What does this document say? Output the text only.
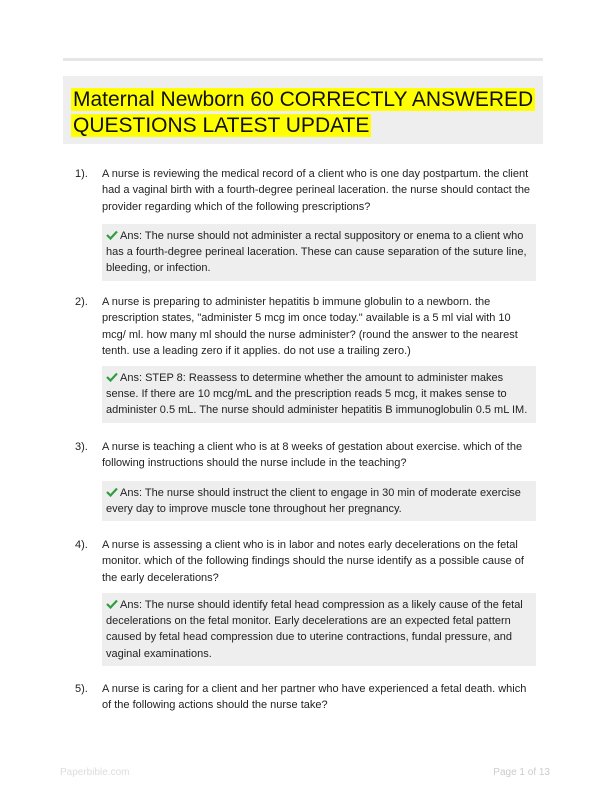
Maternal Newborn 60 CORRECTLY ANSWERED
QUESTIONS LATEST UPDATE
1). A nurse is reviewing the medical record of a client who is one day postpartum. the client had a vaginal birth with a fourth-degree perineal laceration. the nurse should contact the provider regarding which of the following prescriptions?
Ans: The nurse should not administer a rectal suppository or enema to a client who has a fourth-degree perineal laceration. These can cause separation of the suture line, bleeding, or infection.
2). A nurse is preparing to administer hepatitis b immune globulin to a newborn. the prescription states, "administer 5 mcg im once today." available is a 5 ml vial with 10 mcg/ ml. how many ml should the nurse administer? (round the answer to the nearest tenth. use a leading zero if it applies. do not use a trailing zero.)
Ans: STEP 8: Reassess to determine whether the amount to administer makes sense. If there are 10 mcg/mL and the prescription reads 5 mcg, it makes sense to administer 0.5 mL. The nurse should administer hepatitis B immunoglobulin 0.5 mL IM.
3). A nurse is teaching a client who is at 8 weeks of gestation about exercise. which of the following instructions should the nurse include in the teaching?
Ans: The nurse should instruct the client to engage in 30 min of moderate exercise every day to improve muscle tone throughout her pregnancy.
4). A nurse is assessing a client who is in labor and notes early decelerations on the fetal monitor. which of the following findings should the nurse identify as a possible cause of the early decelerations?
Ans: The nurse should identify fetal head compression as a likely cause of the fetal decelerations on the fetal monitor. Early decelerations are an expected fetal pattern caused by fetal head compression due to uterine contractions, fundal pressure, and vaginal examinations.
5). A nurse is caring for a client and her partner who have experienced a fetal death. which of the following actions should the nurse take?
Paperbible.com	Page 1 of 13
